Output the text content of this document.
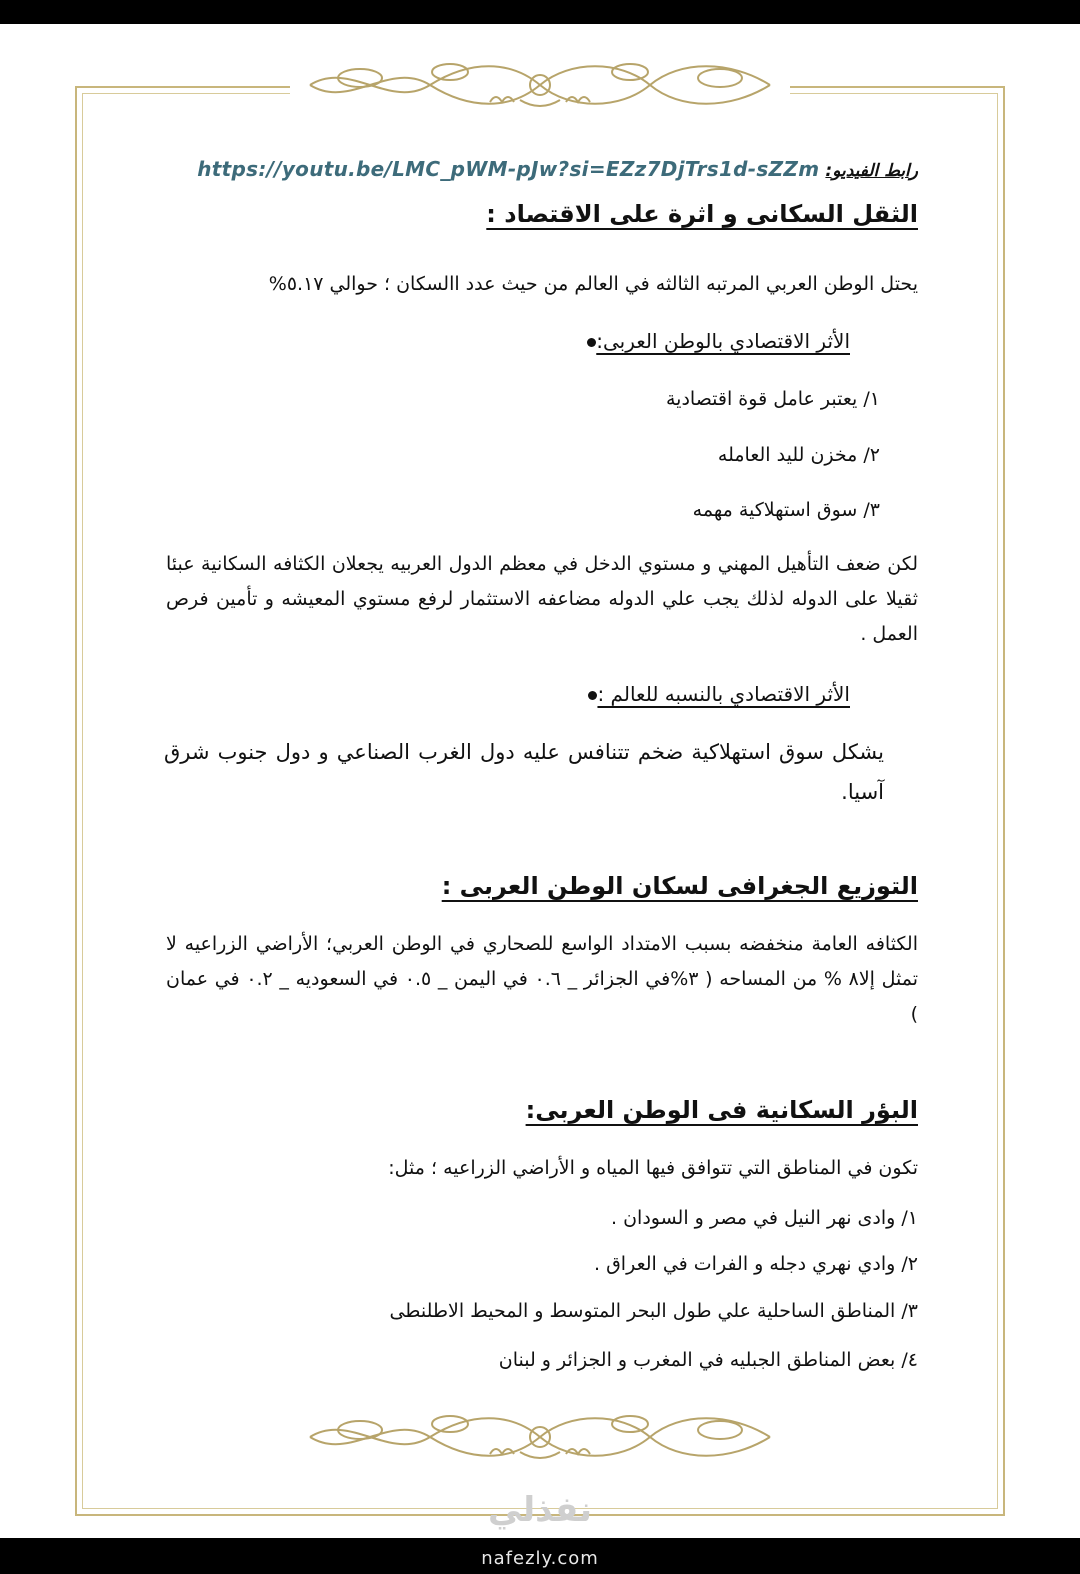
رابط الفيديو: https://youtu.be/LMC_pWM-pJw?si=EZz7DjTrs1d-sZZm
الثقل السكانى و اثرة على الاقتصاد :
يحتل الوطن العربي المرتبه الثالثه في العالم من حيث عدد االسكان ؛ حوالي ٥.١٧%
الأثر الاقتصادي بالوطن العربى:
١/ يعتبر عامل قوة اقتصادية
٢/ مخزن لليد العامله
٣/ سوق استهلاكية مهمه
لكن ضعف التأهيل المهني و مستوي الدخل في معظم الدول العربيه يجعلان الكثافه السكانية عبئا ثقيلا على الدوله لذلك يجب علي الدوله مضاعفه الاستثمار لرفع مستوي المعيشه و تأمين فرص العمل .
الأثر الاقتصادي بالنسبه للعالم :
يشكل سوق استهلاكية ضخم تتنافس عليه دول الغرب الصناعي و دول جنوب شرق آسيا.
التوزيع الجغرافى لسكان الوطن العربى :
الكثافه العامة منخفضه بسبب الامتداد الواسع للصحاري في الوطن العربي؛ الأراضي الزراعيه لا تمثل إلا٨ % من المساحه ( ٣%في الجزائر _ ٠.٦ في اليمن _ ٠.٥ في السعوديه _ ٠.٢ في عمان )
البؤر السكانية فى الوطن العربى:
تكون في المناطق التي تتوافق فيها المياه و الأراضي الزراعيه ؛ مثل:
١/ وادى نهر النيل في مصر و السودان .
٢/ وادي نهري دجله و الفرات في العراق .
٣/ المناطق الساحلية علي طول البحر المتوسط و المحيط الاطلنطى
٤/ بعض المناطق الجبليه في المغرب و الجزائر و لبنان
نفذلي
nafezly.com
